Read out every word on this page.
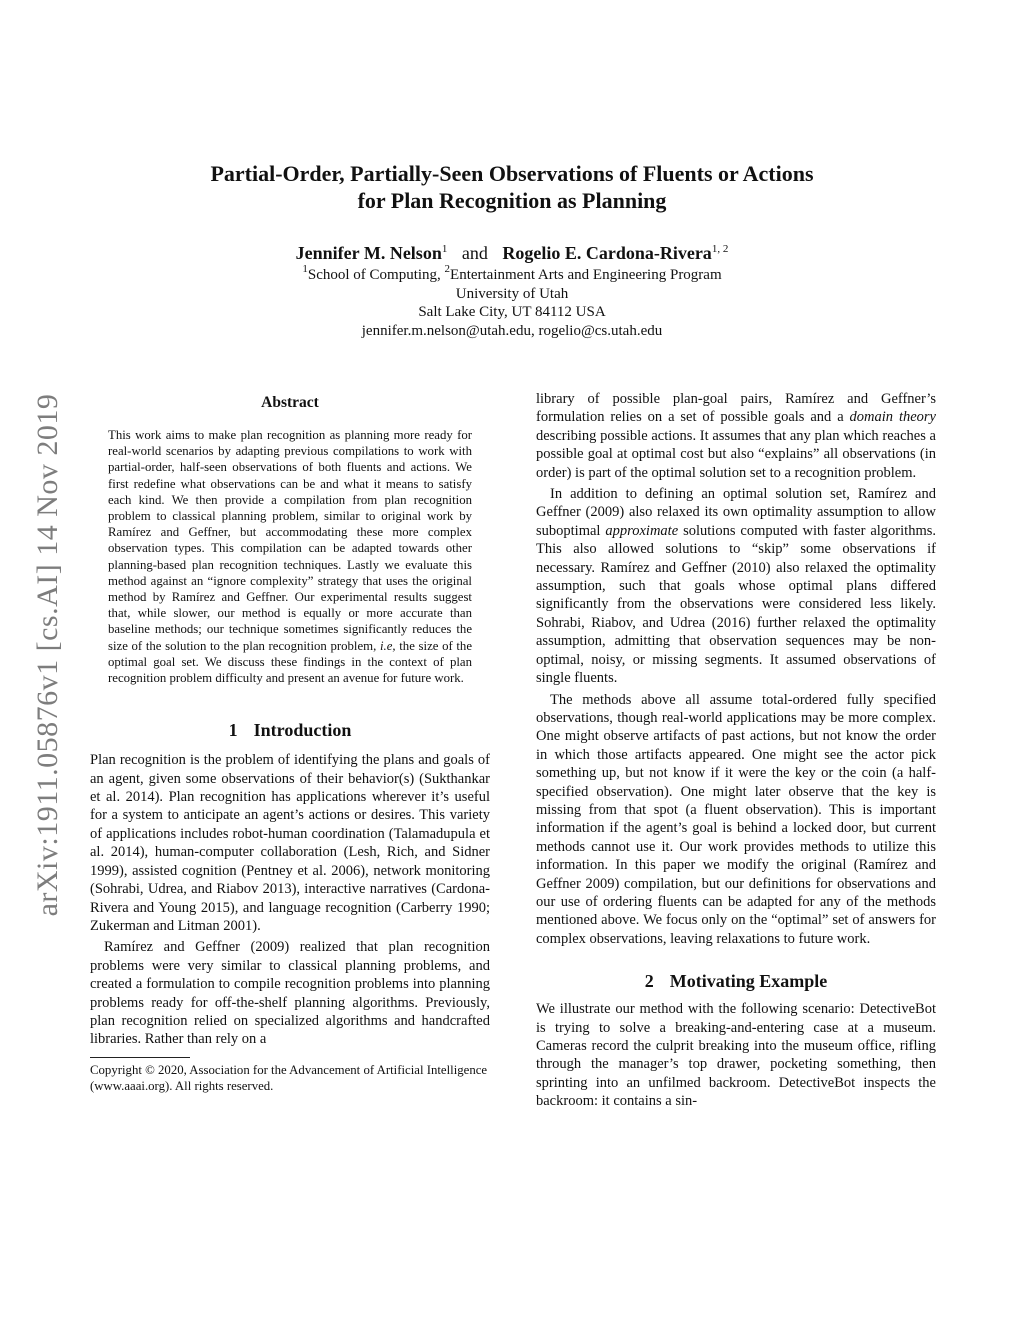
arXiv:1911.05876v1 [cs.AI] 14 Nov 2019
Partial-Order, Partially-Seen Observations of Fluents or Actions
for Plan Recognition as Planning
Jennifer M. Nelson$^1$ and Rogelio E. Cardona-Rivera$^{1, 2}$
$^1$School of Computing, $^2$Entertainment Arts and Engineering Program
University of Utah
Salt Lake City, UT 84112 USA
jennifer.m.nelson@utah.edu, rogelio@cs.utah.edu
Abstract

This work aims to make plan recognition as planning more ready for real-world scenarios by adapting previous compilations to work with partial-order, half-seen observations of both fluents and actions. We first redefine what observations can be and what it means to satisfy each kind. We then provide a compilation from plan recognition problem to classical planning problem, similar to original work by Ramírez and Geffner, but accommodating these more complex observation types. This compilation can be adapted towards other planning-based plan recognition techniques. Lastly we evaluate this method against an “ignore complexity” strategy that uses the original method by Ramírez and Geffner. Our experimental results suggest that, while slower, our method is equally or more accurate than baseline methods; our technique sometimes significantly reduces the size of the solution to the plan recognition problem, i.e, the size of the optimal goal set. We discuss these findings in the context of plan recognition problem difficulty and present an avenue for future work.

1 Introduction

Plan recognition is the problem of identifying the plans and goals of an agent, given some observations of their behavior(s) (Sukthankar et al. 2014). Plan recognition has applications wherever it’s useful for a system to anticipate an agent’s actions or desires. This variety of applications includes robot-human coordination (Talamadupula et al. 2014), human-computer collaboration (Lesh, Rich, and Sidner 1999), assisted cognition (Pentney et al. 2006), network monitoring (Sohrabi, Udrea, and Riabov 2013), interactive narratives (Cardona-Rivera and Young 2015), and language recognition (Carberry 1990; Zukerman and Litman 2001).

Ramírez and Geffner (2009) realized that plan recognition problems were very similar to classical planning problems, and created a formulation to compile recognition problems into planning problems ready for off-the-shelf planning algorithms. Previously, plan recognition relied on specialized algorithms and handcrafted libraries. Rather than rely on a

Copyright © 2020, Association for the Advancement of Artificial Intelligence (www.aaai.org). All rights reserved.

library of possible plan-goal pairs, Ramírez and Geffner’s formulation relies on a set of possible goals and a domain theory describing possible actions. It assumes that any plan which reaches a possible goal at optimal cost but also “explains” all observations (in order) is part of the optimal solution set to a recognition problem.

In addition to defining an optimal solution set, Ramírez and Geffner (2009) also relaxed its own optimality assumption to allow suboptimal approximate solutions computed with faster algorithms. This also allowed solutions to “skip” some observations if necessary. Ramírez and Geffner (2010) also relaxed the optimality assumption, such that goals whose optimal plans differed significantly from the observations were considered less likely. Sohrabi, Riabov, and Udrea (2016) further relaxed the optimality assumption, admitting that observation sequences may be non-optimal, noisy, or missing segments. It assumed observations of single fluents.

The methods above all assume total-ordered fully specified observations, though real-world applications may be more complex. One might observe artifacts of past actions, but not know the order in which those artifacts appeared. One might see the actor pick something up, but not know if it were the key or the coin (a half-specified observation). One might later observe that the key is missing from that spot (a fluent observation). This is important information if the agent’s goal is behind a locked door, but current methods cannot use it. Our work provides methods to utilize this information. In this paper we modify the original (Ramírez and Geffner 2009) compilation, but our definitions for observations and our use of ordering fluents can be adapted for any of the methods mentioned above. We focus only on the “optimal” set of answers for complex observations, leaving relaxations to future work.

2 Motivating Example

We illustrate our method with the following scenario: DetectiveBot is trying to solve a breaking-and-entering case at a museum. Cameras record the culprit breaking into the museum office, rifling through the manager’s top drawer, pocketing something, then sprinting into an unfilmed backroom. DetectiveBot inspects the backroom: it contains a sin-
